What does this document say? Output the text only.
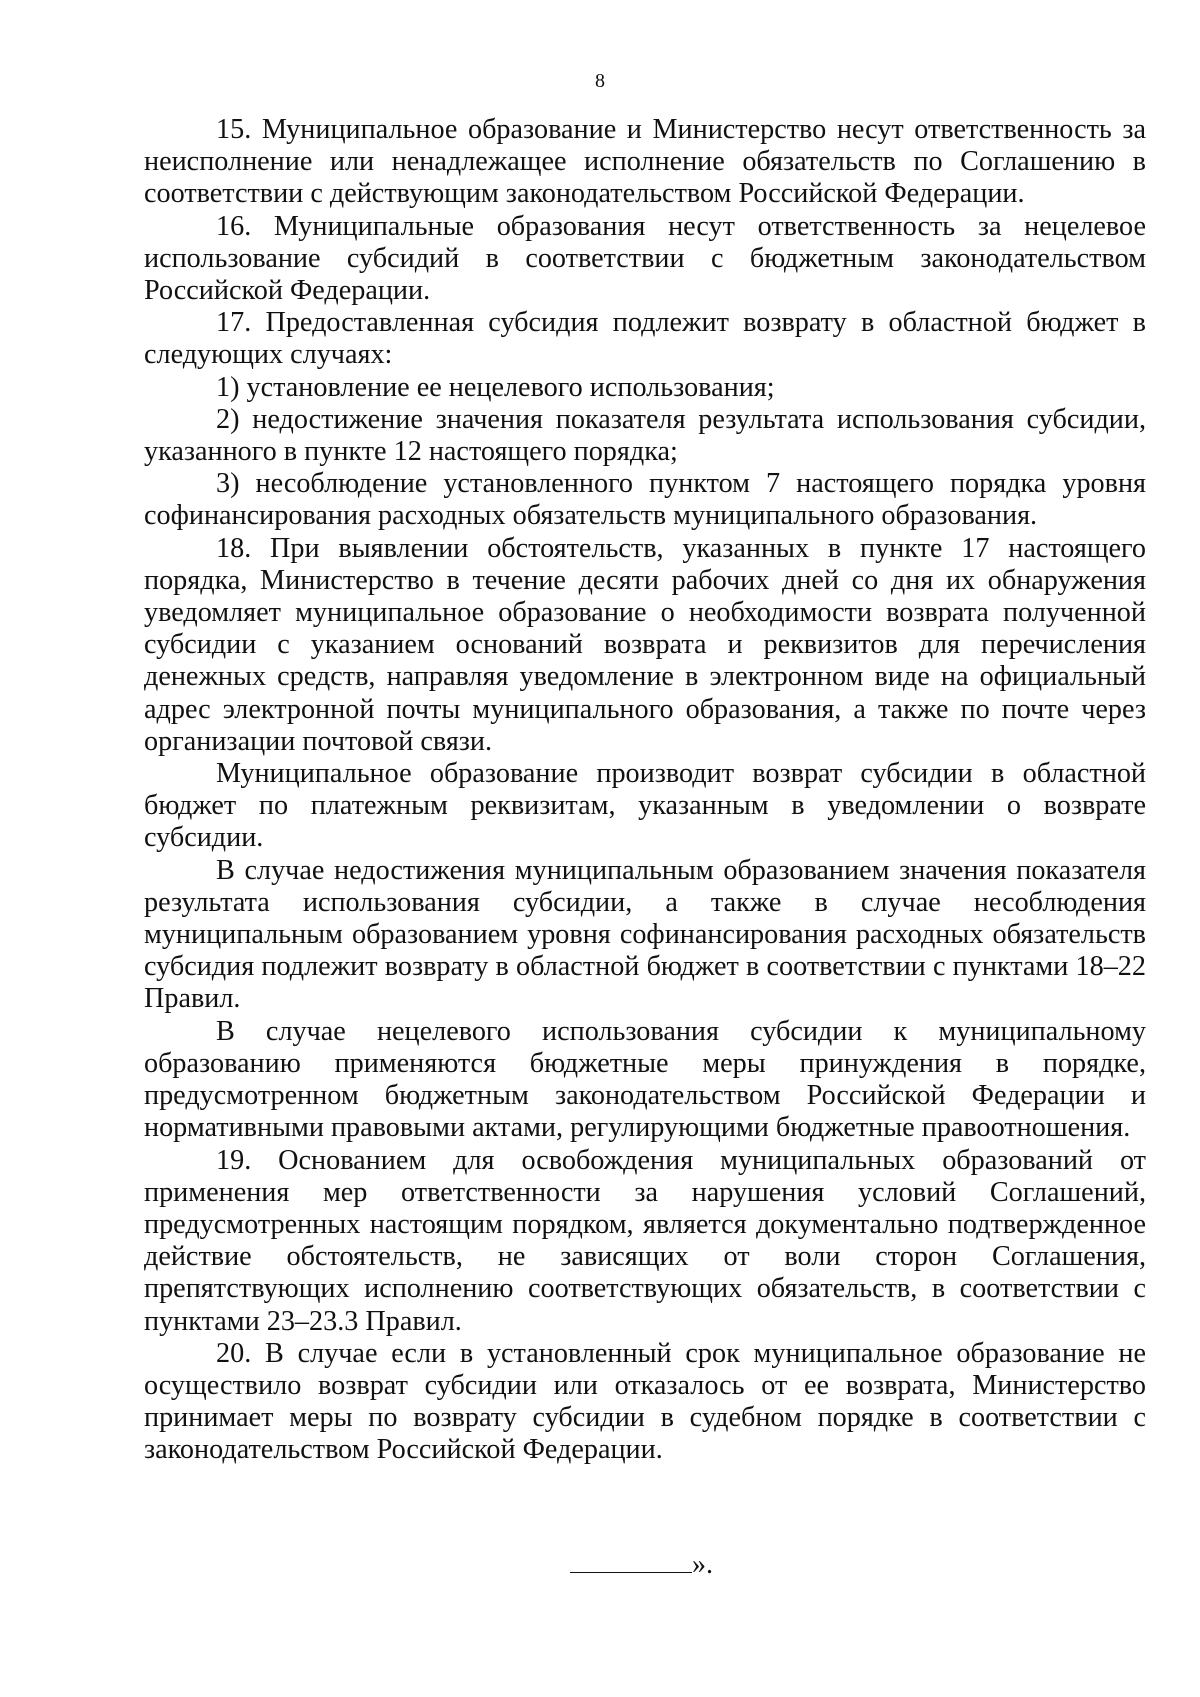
8

15. Муниципальное образование и Министерство несут ответственность за неисполнение или ненадлежащее исполнение обязательств по Соглашению в соответствии с действующим законодательством Российской Федерации.

16. Муниципальные образования несут ответственность за нецелевое использование субсидий в соответствии с бюджетным законодательством Российской Федерации.

17. Предоставленная субсидия подлежит возврату в областной бюджет в следующих случаях:

1) установление ее нецелевого использования;

2) недостижение значения показателя результата использования субсидии, указанного в пункте 12 настоящего порядка;

3) несоблюдение установленного пунктом 7 настоящего порядка уровня софинансирования расходных обязательств муниципального образования.

18. При выявлении обстоятельств, указанных в пункте 17 настоящего порядка, Министерство в течение десяти рабочих дней со дня их обнаружения уведомляет муниципальное образование о необходимости возврата полученной субсидии с указанием оснований возврата и реквизитов для перечисления денежных средств, направляя уведомление в электронном виде на официальный адрес электронной почты муниципального образования, а также по почте через организации почтовой связи.

Муниципальное образование производит возврат субсидии в областной бюджет по платежным реквизитам, указанным в уведомлении о возврате субсидии.

В случае недостижения муниципальным образованием значения показателя результата использования субсидии, а также в случае несоблюдения муниципальным образованием уровня софинансирования расходных обязательств субсидия подлежит возврату в областной бюджет в соответствии с пунктами 18–22 Правил.

В случае нецелевого использования субсидии к муниципальному образованию применяются бюджетные меры принуждения в порядке, предусмотренном бюджетным законодательством Российской Федерации и нормативными правовыми актами, регулирующими бюджетные правоотношения.

19. Основанием для освобождения муниципальных образований от применения мер ответственности за нарушения условий Соглашений, предусмотренных настоящим порядком, является документально подтвержденное действие обстоятельств, не зависящих от воли сторон Соглашения, препятствующих исполнению соответствующих обязательств, в соответствии с пунктами 23–23.3 Правил.

20. В случае если в установленный срок муниципальное образование не осуществило возврат субсидии или отказалось от ее возврата, Министерство принимает меры по возврату субсидии в судебном порядке в соответствии с законодательством Российской Федерации.

».
